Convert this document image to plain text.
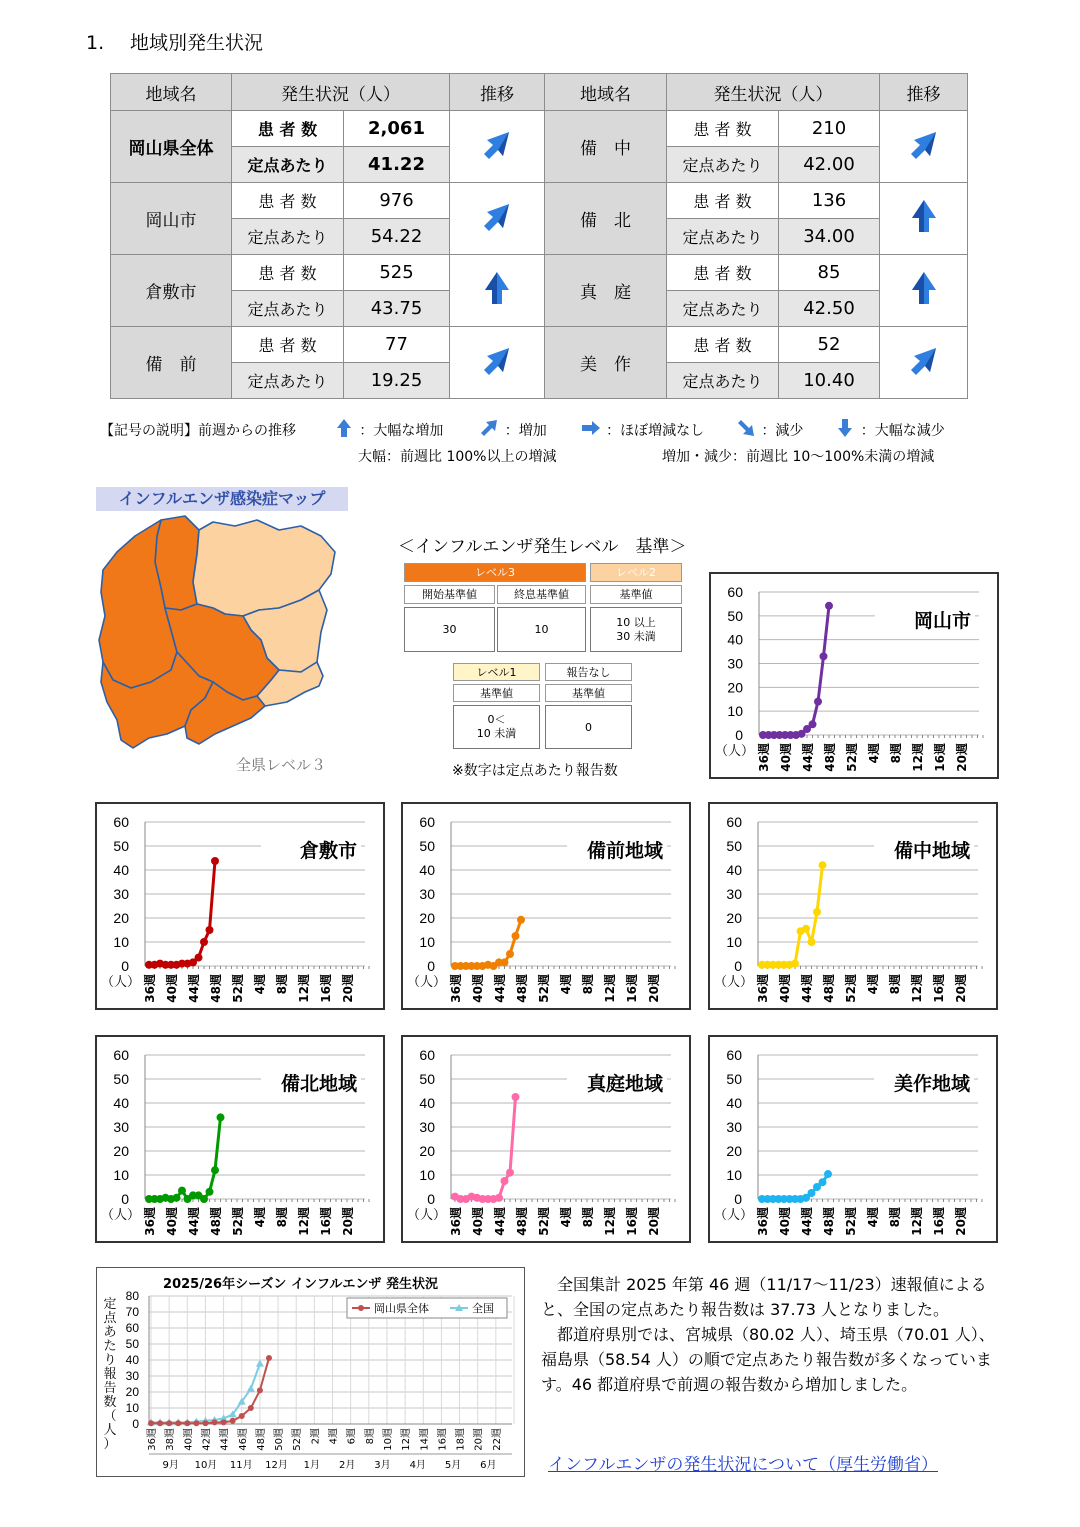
1. 地域別発生状況
地域名	発生状況（人）		推移	地域名	発生状況（人）		推移
岡山県全体	患 者 数	2,061		備　中	患 者 数	210	
	定点あたり	41.22			定点あたり	42.00	
岡山市	患 者 数	976		備　北	患 者 数	136	
	定点あたり	54.22			定点あたり	34.00	
倉敷市	患 者 数	525		真　庭	患 者 数	85	
	定点あたり	43.75			定点あたり	42.50	
備　前	患 者 数	77		美　作	患 者 数	52	
	定点あたり	19.25			定点あたり	10.40	
【記号の説明】前週からの推移	：大幅な増加	：増加	：ほぼ増減なし	：減少	：大幅な減少
大幅：前週比 100%以上の増減	増加・減少：前週比 10～100%未満の増減
インフルエンザ感染症マップ
全県レベル３
＜インフルエンザ発生レベル　基準＞
レベル3	レベル2
開始基準値	終息基準値	基準値
30	10
10 以上
30 未満
レベル1	報告なし
基準値	基準値
0＜
10 未満	0
※数字は定点あたり報告数
0
10
20
30
40
50
60
（人） 36週 40週 44週 48週 52週 4週 8週 12週 16週 20週
岡山市
0
10
20
30
40
50
60
（人） 36週 40週 44週 48週 52週 4週 8週 12週 16週 20週
倉敷市
0
10
20
30
40
50
60
（人） 36週 40週 44週 48週 52週 4週 8週 12週 16週 20週
備前地域
0
10
20
30
40
50
60
（人） 36週 40週 44週 48週 52週 4週 8週 12週 16週 20週
備中地域
0
10
20
30
40
50
60
（人） 36週 40週 44週 48週 52週 4週 8週 12週 16週 20週
備北地域
0
10
20
30
40
50
60
（人） 36週 40週 44週 48週 52週 4週 8週 12週 16週 20週
真庭地域
0
10
20
30
40
50
60
（人） 36週 40週 44週 48週 52週 4週 8週 12週 16週 20週
美作地域
2025/26年シーズン インフルエンザ 発生状況
0
10
20
30
40
50
60
70
80
定
点
あ
た
り
報
告
数
（
人
）	36週 38週 40週 42週 44週 46週 48週 50週 52週 2週 4週 6週 8週 10週 12週 14週 16週 18週 20週 22週
9月 10月 11月 12月 1月 2月 3月 4月 5月 6月
岡山県全体	全国

全国集計 2025 年第 46 週（11/17～11/23）速報値によると、全国の定点あたり報告数は 37.73 人となりました。

都道府県別では、宮城県（80.02 人）、埼玉県（70.01 人）、福島県（58.54 人）の順で定点あたり報告数が多くなっています。46 都道府県で前週の報告数から増加しました。

インフルエンザの発生状況について（厚生労働省）
